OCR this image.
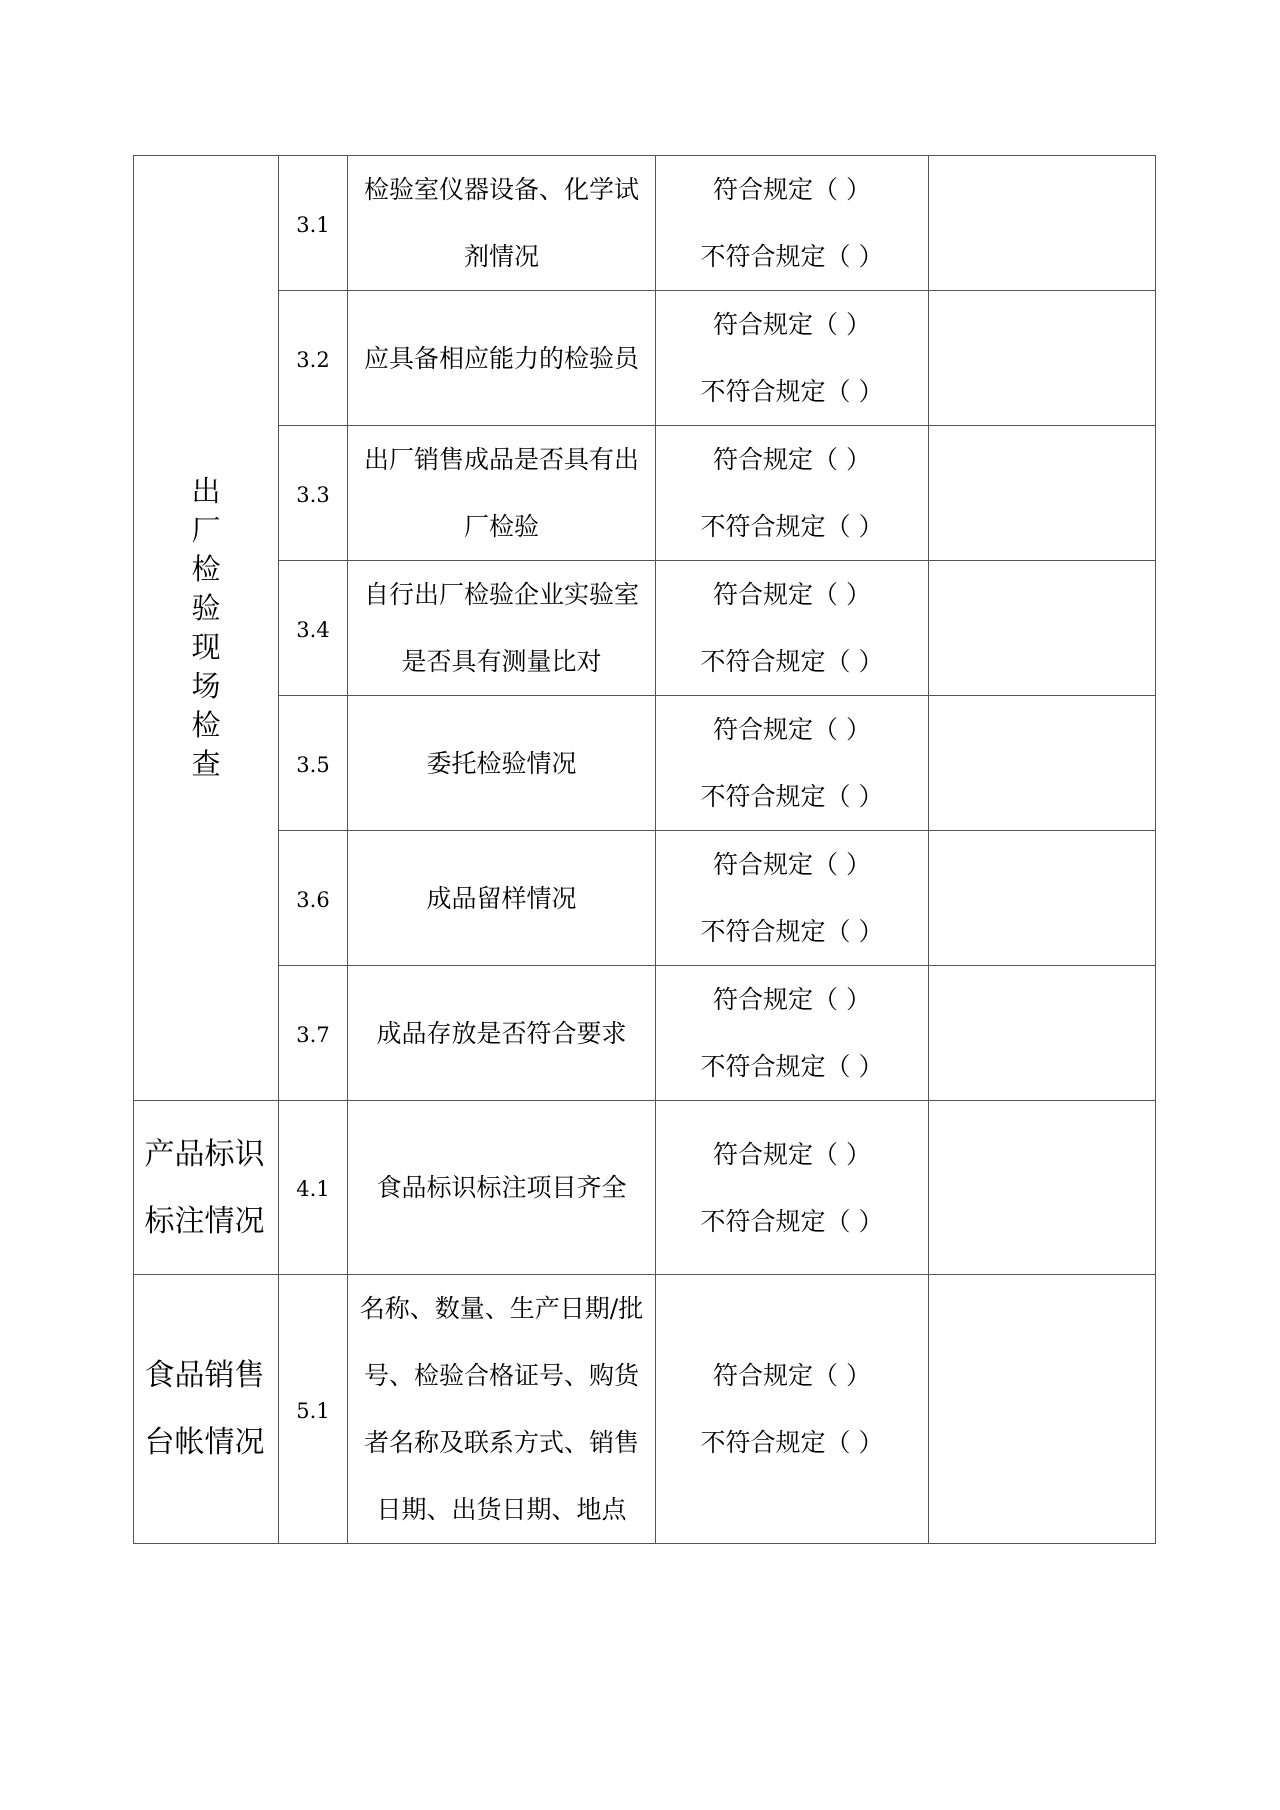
出厂检验现场检查	3.1	检验室仪器设备、化学试剂情况	符合规定（ ）
不符合规定（ ）	

	3.2	应具备相应能力的检验员	符合规定（ ）
不符合规定（ ）	

	3.3	出厂销售成品是否具有出厂检验	符合规定（ ）
不符合规定（ ）	

	3.4	自行出厂检验企业实验室是否具有测量比对	符合规定（ ）
不符合规定（ ）	

	3.5	委托检验情况	符合规定（ ）
不符合规定（ ）	

	3.6	成品留样情况	符合规定（ ）
不符合规定（ ）	

	3.7	成品存放是否符合要求	符合规定（ ）
不符合规定（ ）	

产品标识标注情况	4.1	食品标识标注项目齐全	符合规定（ ）
不符合规定（ ）	

食品销售台帐情况	5.1	名称、数量、生产日期/批号、检验合格证号、购货者名称及联系方式、销售日期、出货日期、地点	符合规定（ ）
不符合规定（ ）	
